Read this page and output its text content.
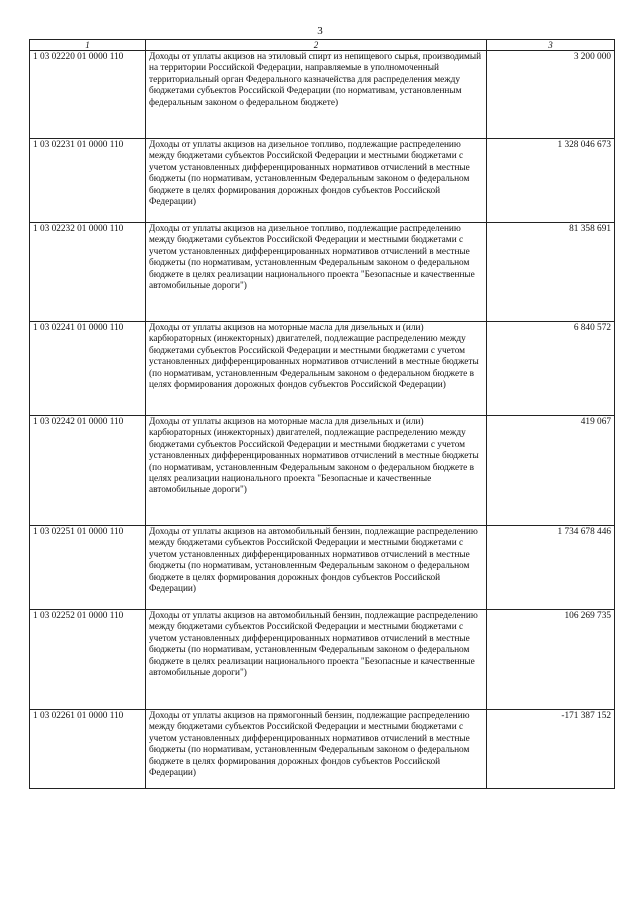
3
1	2	3
1 03 02220 01 0000 110	Доходы от уплаты акцизов на этиловый спирт из непищевого сырья, производимый на территории Российской Федерации, направляемые в уполномоченный территориальный орган Федерального казначейства для распределения между бюджетами субъектов Российской Федерации (по нормативам, установленным федеральным законом о федеральном бюджете)	3 200 000
1 03 02231 01 0000 110	Доходы от уплаты акцизов на дизельное топливо, подлежащие распределению между бюджетами субъектов Российской Федерации и местными бюджетами с учетом установленных дифференцированных нормативов отчислений в местные бюджеты (по нормативам, установленным Федеральным законом о федеральном бюджете в целях формирования дорожных фондов субъектов Российской Федерации)	1 328 046 673
1 03 02232 01 0000 110	Доходы от уплаты акцизов на дизельное топливо, подлежащие распределению между бюджетами субъектов Российской Федерации и местными бюджетами с учетом установленных дифференцированных нормативов отчислений в местные бюджеты (по нормативам, установленным Федеральным законом о федеральном бюджете в целях реализации национального проекта "Безопасные и качественные автомобильные дороги")	81 358 691
1 03 02241 01 0000 110	Доходы от уплаты акцизов на моторные масла для дизельных и (или) карбюраторных (инжекторных) двигателей, подлежащие распределению между бюджетами субъектов Российской Федерации и местными бюджетами с учетом установленных дифференцированных нормативов отчислений в местные бюджеты (по нормативам, установленным Федеральным законом о федеральном бюджете в целях формирования дорожных фондов субъектов Российской Федерации)	6 840 572
1 03 02242 01 0000 110	Доходы от уплаты акцизов на моторные масла для дизельных и (или) карбюраторных (инжекторных) двигателей, подлежащие распределению между бюджетами субъектов Российской Федерации и местными бюджетами с учетом установленных дифференцированных нормативов отчислений в местные бюджеты (по нормативам, установленным Федеральным законом о федеральном бюджете в целях реализации национального проекта "Безопасные и качественные автомобильные дороги")	419 067
1 03 02251 01 0000 110	Доходы от уплаты акцизов на автомобильный бензин, подлежащие распределению между бюджетами субъектов Российской Федерации и местными бюджетами с учетом установленных дифференцированных нормативов отчислений в местные бюджеты (по нормативам, установленным Федеральным законом о федеральном бюджете в целях формирования дорожных фондов субъектов Российской Федерации)	1 734 678 446
1 03 02252 01 0000 110	Доходы от уплаты акцизов на автомобильный бензин, подлежащие распределению между бюджетами субъектов Российской Федерации и местными бюджетами с учетом установленных дифференцированных нормативов отчислений в местные бюджеты (по нормативам, установленным Федеральным законом о федеральном бюджете в целях реализации национального проекта "Безопасные и качественные автомобильные дороги")	106 269 735
1 03 02261 01 0000 110	Доходы от уплаты акцизов на прямогонный бензин, подлежащие распределению между бюджетами субъектов Российской Федерации и местными бюджетами с учетом установленных дифференцированных нормативов отчислений в местные бюджеты (по нормативам, установленным Федеральным законом о федеральном бюджете в целях формирования дорожных фондов субъектов Российской Федерации)	-171 387 152
